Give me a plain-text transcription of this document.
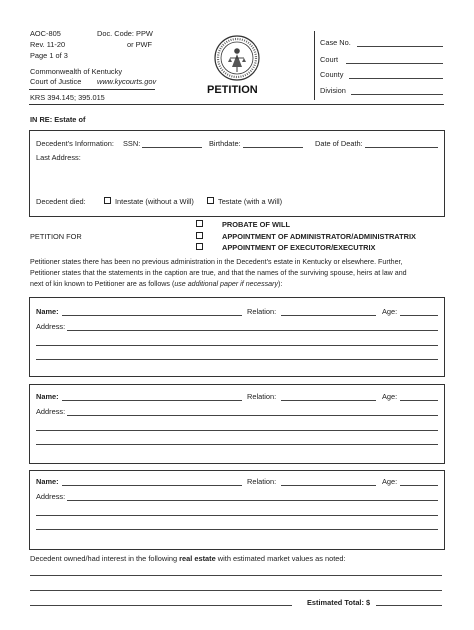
AOC-805
Rev. 11-20
Page 1 of 3
Doc. Code: PPW
or PWF
Commonwealth of Kentucky
Court of Justice www.kycourts.gov
KRS 394.145; 395.015
PETITION
Case No.
Court
County
Division
IN RE: Estate of
Decedent’s Information: SSN:	Birthdate:	Date of Death:
Last Address:
Decedent died:	Intestate (without a Will)	Testate (with a Will)
PETITION FOR
PROBATE OF WILL
APPOINTMENT OF ADMINISTRATOR/ADMINISTRATRIX
APPOINTMENT OF EXECUTOR/EXECUTRIX
Petitioner states there has been no previous administration in the Decedent’s estate in Kentucky or elsewhere. Further,
Petitioner states that the statements in the caption are true, and that the names of the surviving spouse, heirs at law and
next of kin known to Petitioner are as follows (use additional paper if necessary):
Name:	Relation:	Age:
Address:
Name:	Relation:	Age:
Address:
Name:	Relation:	Age:
Address:
Decedent owned/had interest in the following real estate with estimated market values as noted:
Estimated Total: $
